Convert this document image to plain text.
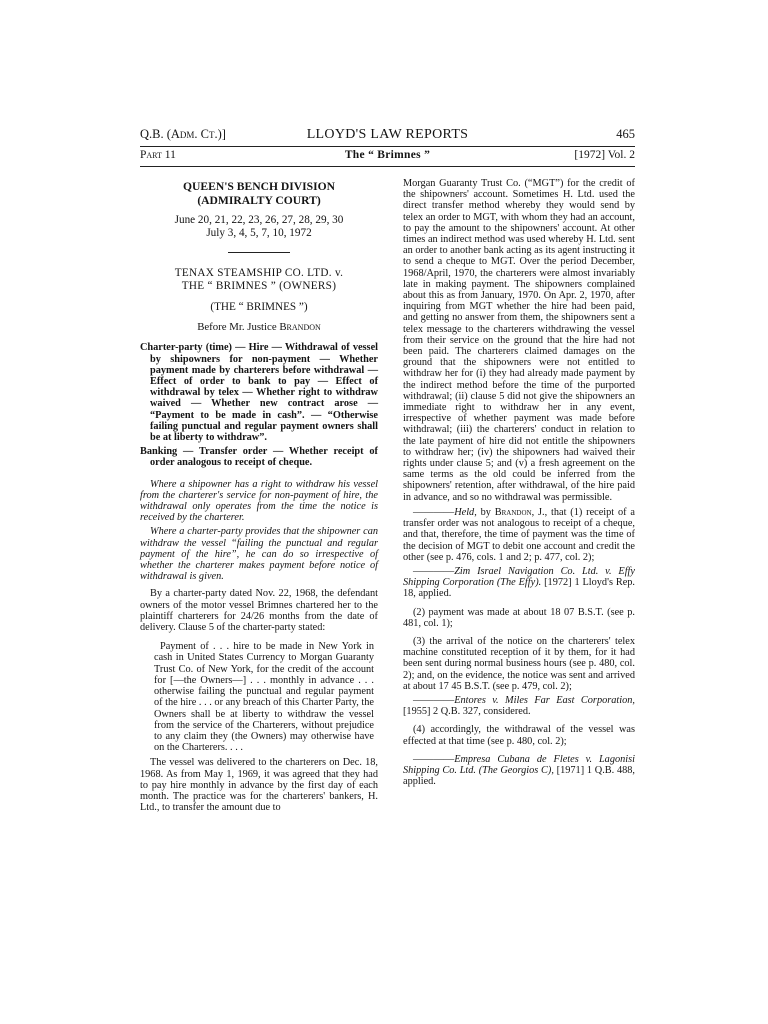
Q.B. (Adm. Ct.)]	LLOYD'S LAW REPORTS	465
Part 11	The “ Brimnes ”	[1972] Vol. 2
QUEEN'S BENCH DIVISION
(ADMIRALTY COURT)
June 20, 21, 22, 23, 26, 27, 28, 29, 30
July 3, 4, 5, 7, 10, 1972
TENAX STEAMSHIP CO. LTD. v.
THE “ BRIMNES ” (OWNERS)
(THE “ BRIMNES ”)
Before Mr. Justice Brandon
Charter-party (time) — Hire — Withdrawal of vessel by shipowners for non-payment — Whether payment made by charterers before withdrawal — Effect of order to bank to pay — Effect of withdrawal by telex — Whether right to withdraw waived — Whether new contract arose — “Payment to be made in cash”. — “Otherwise failing punctual and regular payment owners shall be at liberty to withdraw”.
Banking — Transfer order — Whether receipt of order analogous to receipt of cheque.

Where a shipowner has a right to withdraw his vessel from the charterer's service for non-payment of hire, the withdrawal only operates from the time the notice is received by the charterer.

Where a charter-party provides that the shipowner can withdraw the vessel “failing the punctual and regular payment of the hire”, he can do so irrespective of whether the charterer makes payment before notice of withdrawal is given.

By a charter-party dated Nov. 22, 1968, the defendant owners of the motor vessel Brimnes chartered her to the plaintiff charterers for 24/26 months from the date of delivery. Clause 5 of the charter-party stated:

Payment of . . . hire to be made in New York in cash in United States Currency to Morgan Guaranty Trust Co. of New York, for the credit of the account for [—the Owners—] . . . monthly in advance . . . otherwise failing the punctual and regular payment of the hire . . . or any breach of this Charter Party, the Owners shall be at liberty to withdraw the vessel from the service of the Charterers, without prejudice to any claim they (the Owners) may otherwise have on the Charterers. . . .

The vessel was delivered to the charterers on Dec. 18, 1968. As from May 1, 1969, it was agreed that they had to pay hire monthly in advance by the first day of each month. The practice was for the charterers' bankers, H. Ltd., to transfer the amount due to

Morgan Guaranty Trust Co. (“MGT”) for the credit of the shipowners' account. Sometimes H. Ltd. used the direct transfer method whereby they would send by telex an order to MGT, with whom they had an account, to pay the amount to the shipowners' account. At other times an indirect method was used whereby H. Ltd. sent an order to another bank acting as its agent instructing it to send a cheque to MGT. Over the period December, 1968/April, 1970, the charterers were almost invariably late in making payment. The shipowners complained about this as from January, 1970. On Apr. 2, 1970, after inquiring from MGT whether the hire had been paid, and getting no answer from them, the shipowners sent a telex message to the charterers withdrawing the vessel from their service on the ground that the hire had not been paid. The charterers claimed damages on the ground that the shipowners were not entitled to withdraw her for (i) they had already made payment by the indirect method before the time of the purported withdrawal; (ii) clause 5 did not give the shipowners an immediate right to withdraw her in any event, irrespective of whether payment was made before withdrawal; (iii) the charterers' conduct in relation to the late payment of hire did not entitle the shipowners to withdraw her; (iv) the shipowners had waived their rights under clause 5; and (v) a fresh agreement on the same terms as the old could be inferred from the shipowners' retention, after withdrawal, of the hire paid in advance, and so no withdrawal was permissible.

————Held, by Brandon, J., that (1) receipt of a transfer order was not analogous to receipt of a cheque, and that, therefore, the time of payment was the time of the decision of MGT to debit one account and credit the other (see p. 476, cols. 1 and 2; p. 477, col. 2);

————Zim Israel Navigation Co. Ltd. v. Effy Shipping Corporation (The Effy). [1972] 1 Lloyd's Rep. 18, applied.

(2) payment was made at about 18 07 B.S.T. (see p. 481, col. 1);

(3) the arrival of the notice on the charterers' telex machine constituted reception of it by them, for it had been sent during normal business hours (see p. 480, col. 2); and, on the evidence, the notice was sent and arrived at about 17 45 B.S.T. (see p. 479, col. 2);

————Entores v. Miles Far East Corporation, [1955] 2 Q.B. 327, considered.

(4) accordingly, the withdrawal of the vessel was effected at that time (see p. 480, col. 2);

————Empresa Cubana de Fletes v. Lagonisi Shipping Co. Ltd. (The Georgios C), [1971] 1 Q.B. 488, applied.
